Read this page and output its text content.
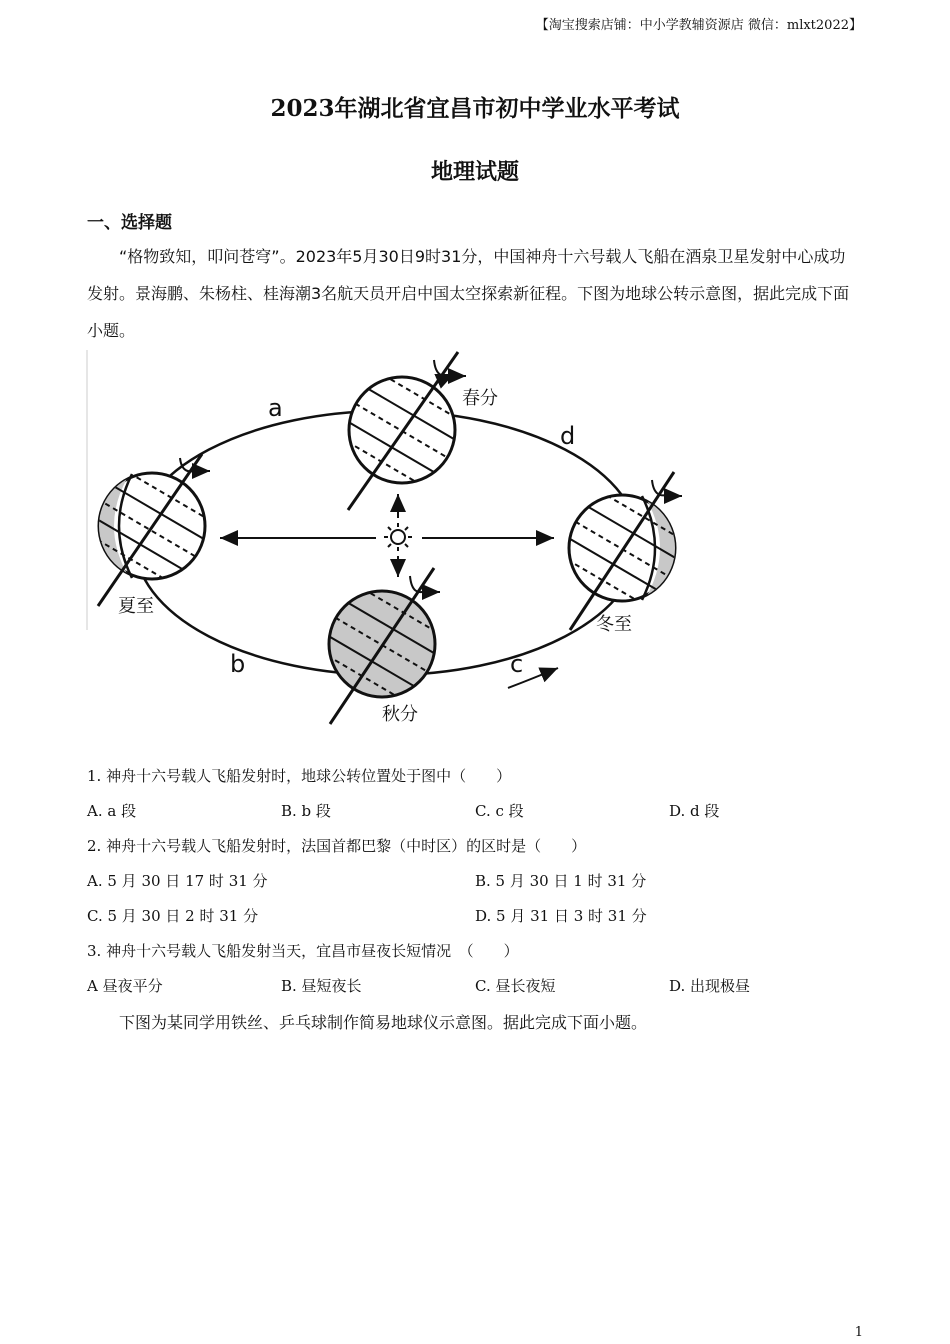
【淘宝搜索店铺：中小学教辅资源店 微信：mlxt2022】
2023年湖北省宜昌市初中学业水平考试
地理试题
一、选择题
“格物致知，叩问苍穹”。2023年5月30日9时31分，中国神舟十六号载人飞船在酒泉卫星发射中心成功发射。景海鹏、朱杨柱、桂海潮3名航天员开启中国太空探索新征程。下图为地球公转示意图，据此完成下面小题。
a
d
b	c
春分
夏至
秋分
冬至
1. 神舟十六号载人飞船发射时，地球公转位置处于图中（　　）
A. a 段	B. b 段	C. c 段	D. d 段
2. 神舟十六号载人飞船发射时，法国首都巴黎（中时区）的区时是（　　）
A. 5 月 30 日 17 时 31 分	B. 5 月 30 日 1 时 31 分
C. 5 月 30 日 2 时 31 分	D. 5 月 31 日 3 时 31 分
3. 神舟十六号载人飞船发射当天，宜昌市昼夜长短情况　（　　）
A 昼夜平分	B. 昼短夜长	C. 昼长夜短	D. 出现极昼
下图为某同学用铁丝、乒乓球制作简易地球仪示意图。据此完成下面小题。
1
